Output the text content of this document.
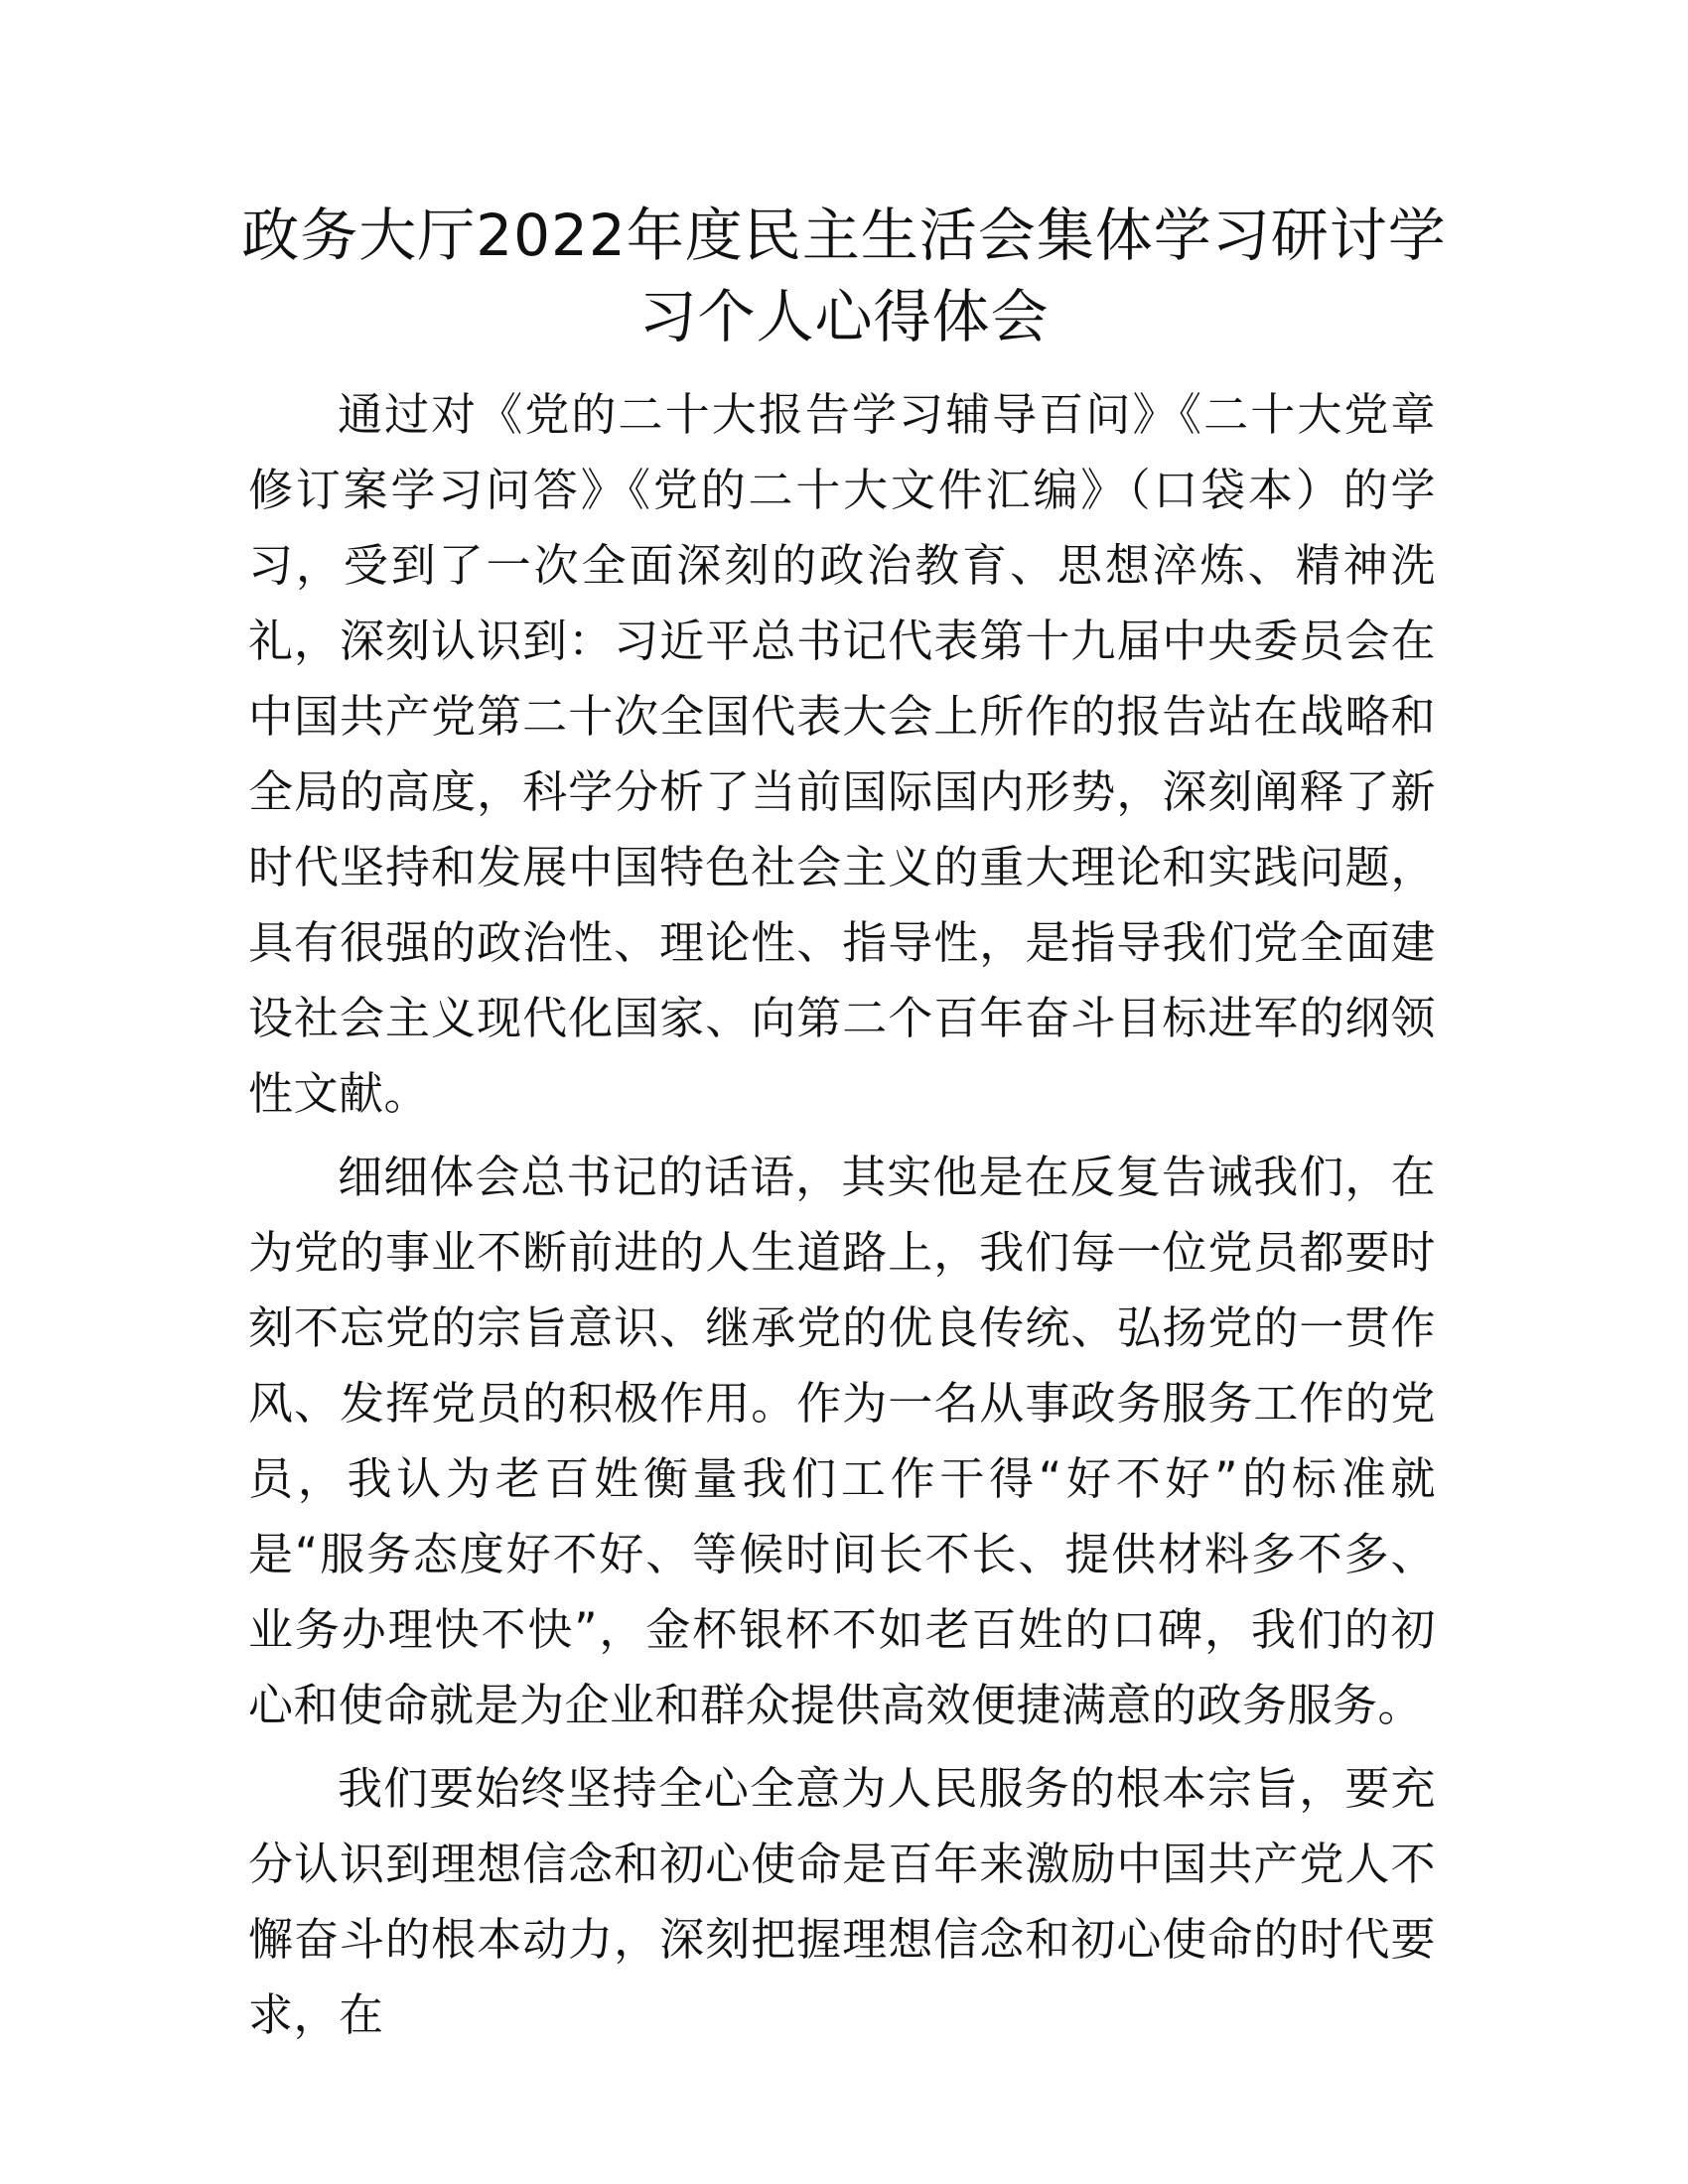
政务大厅2022年度民主生活会集体学习研讨学习个人心得体会

通过对《党的二十大报告学习辅导百问》《二十大党章修订案学习问答》《党的二十大文件汇编》（口袋本）的学习，受到了一次全面深刻的政治教育、思想淬炼、精神洗礼，深刻认识到：习近平总书记代表第十九届中央委员会在中国共产党第二十次全国代表大会上所作的报告站在战略和全局的高度，科学分析了当前国际国内形势，深刻阐释了新时代坚持和发展中国特色社会主义的重大理论和实践问题，具有很强的政治性、理论性、指导性，是指导我们党全面建设社会主义现代化国家、向第二个百年奋斗目标进军的纲领性文献。

细细体会总书记的话语，其实他是在反复告诫我们，在为党的事业不断前进的人生道路上，我们每一位党员都要时刻不忘党的宗旨意识、继承党的优良传统、弘扬党的一贯作风、发挥党员的积极作用。作为一名从事政务服务工作的党员，我认为老百姓衡量我们工作干得“好不好”的标准就是“服务态度好不好、等候时间长不长、提供材料多不多、业务办理快不快”，金杯银杯不如老百姓的口碑，我们的初心和使命就是为企业和群众提供高效便捷满意的政务服务。

我们要始终坚持全心全意为人民服务的根本宗旨，要充分认识到理想信念和初心使命是百年来激励中国共产党人不懈奋斗的根本动力，深刻把握理想信念和初心使命的时代要求，在
